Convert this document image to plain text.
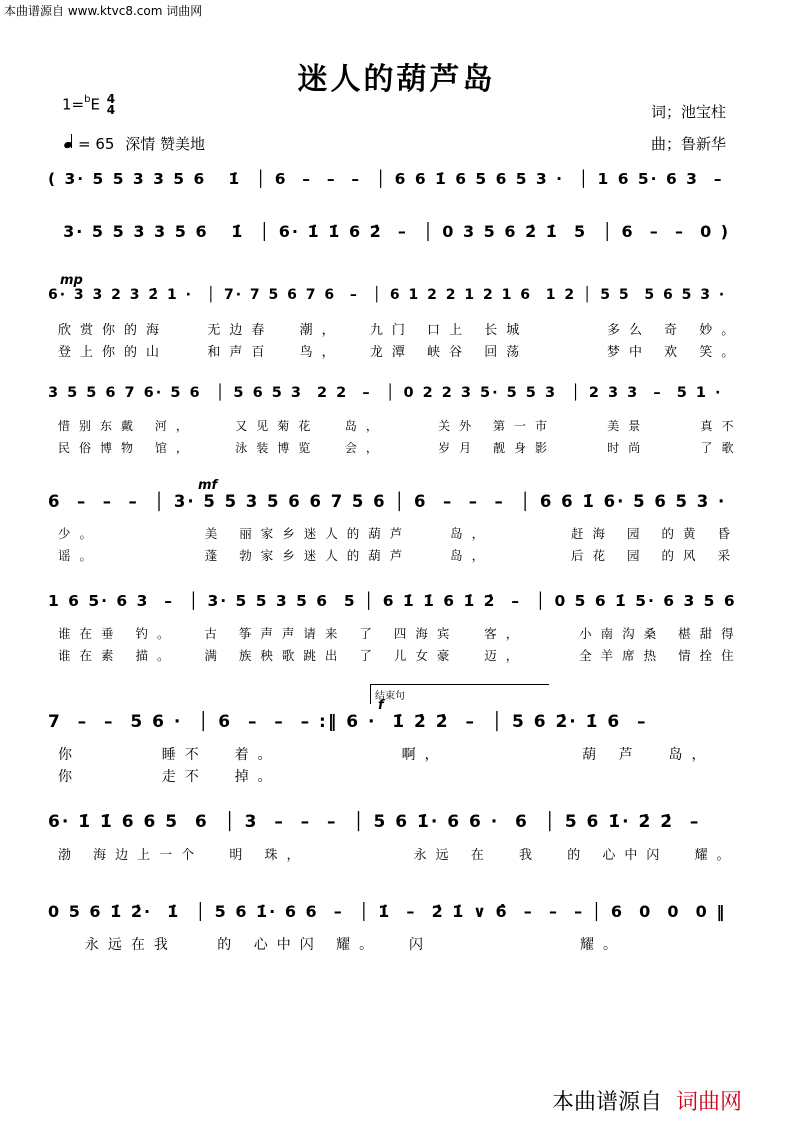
本曲谱源自 www.ktvc8.com 词曲网
迷人的葫芦岛
1=$^b$E 4
4	词；池宝柱
曲；鲁新华
= 65 深情 赞美地
( 3· 5 5 3 3 5 6   1̇  │ 6  –  –  –  │ 6 6 1̇ 6 5 6 5 3 ·  │ 1 6 5· 6 3  –
3· 5 5 3 3 5 6   1̇  │ 6· 1̇ 1̇ 6 2̇  –  │ 0 3 5 6 2̇ 1̇  5  │ 6  –  –  0 )
mp
6· 3 3 2 3 2̇ 1 ·  │ 7· 7 5 6 7 6  –  │ 6 1 2 2 1 2 1 6  1 2 │ 5 5  5 6 5 3 ·
欣赏你的海   无边春  潮，  九门 口上 长城      多么 奇 妙。
登上你的山   和声百  鸟，  龙潭 峡谷 回荡      梦中 欢 笑。
3 5 5 6 7 6· 5 6  │ 5 6 5 3  2 2  –  │ 0 2 2 3 5· 5 5 3  │ 2 3 3  –  5 1 ·
惜别东戴 河，   又见菊花  岛，    关外 第一市    美景    真不
民俗博物 馆，   泳装博览  会，    岁月 靓身影    时尚    了歌
mf
6  –  –  –  │ 3· 5 5 3 5 6 6 7 5 6 │ 6  –  –  –  │ 6 6 1̇ 6· 5 6 5 3 ·
少。        美 丽家乡迷人的葫芦   岛，      赶海 园 的黄 昏
谣。        蓬 勃家乡迷人的葫芦   岛，      后花 园 的风 采
1 6 5· 6 3  –  │ 3· 5 5 3 5 6  5 │ 6 1̇ 1̇ 6 1̇ 2̇  –  │ 0 5 6 1̇ 5· 6 3 5 6
谁在垂 钓。  古 筝声声请来 了 四海宾  客，    小南沟桑 椹甜得
谁在素 描。  满 族秧歌跳出 了 儿女豪  迈，    全羊席热 情拴住
f
结束句
7  –  –  5 6 ·  │ 6  –  –  – :‖ 6 ·  1̇ 2̇ 2̇  –  │ 5 6 2̇· 1̇ 6  –
你      睡不  着。         啊，          葫 芦  岛，
你      走不  掉。
6· 1̇ 1̇ 6 6 5  6  │ 3  –  –  –  │ 5 6 1̇· 6 6 ·  6  │ 5 6 1̇· 2̇ 2̇  –
渤 海边上一个  明 珠，        永远 在  我  的 心中闪  耀。
0 5 6 1̇ 2̇·  1̇  │ 5 6 1̇· 6 6  –  │ 1̇  –  2̇ 1̇ ∨ 6̂  –  –  – │ 6  0  0  0 ‖
永远在我   的 心中闪 耀。  闪           耀。
本曲谱源自 词曲网
